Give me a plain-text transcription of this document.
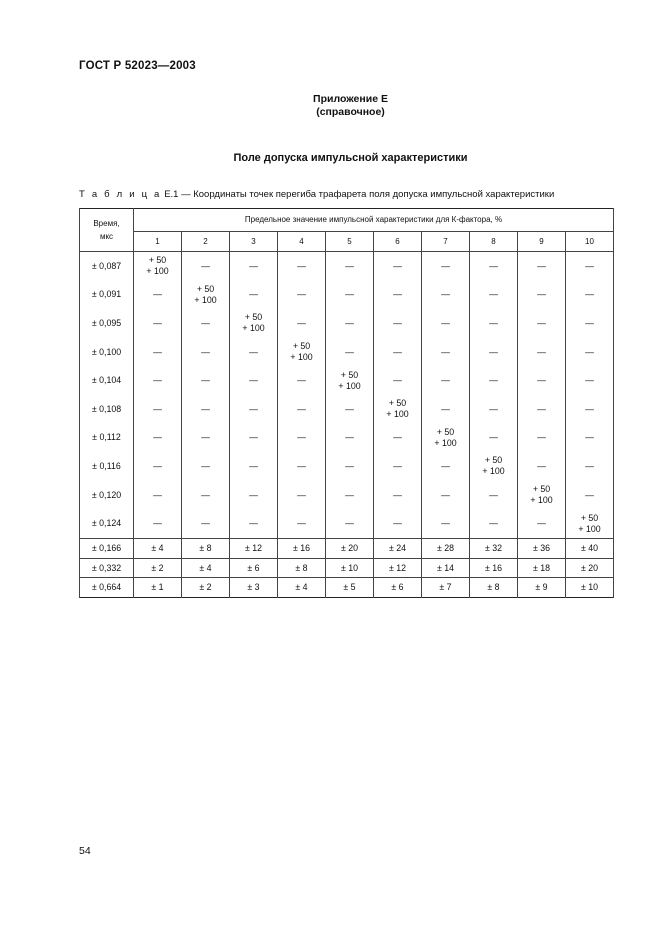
ГОСТ Р 52023—2003
Приложение Е
(справочное)
Поле допуска импульсной характеристики
Т а б л и ц а Е.1 — Координаты точек перегиба трафарета поля допуска импульсной характеристики
Время,
мкс	Предельное значение импульсной характеристики для К-фактора, %									
	1	2	3	4	5	6	7	8	9	10
± 0,087	+ 50
+ 100	—	—	—	—	—	—	—	—	—
± 0,091	—	+ 50
+ 100	—	—	—	—	—	—	—	—
± 0,095	—	—	+ 50
+ 100	—	—	—	—	—	—	—
± 0,100	—	—	—	+ 50
+ 100	—	—	—	—	—	—
± 0,104	—	—	—	—	+ 50
+ 100	—	—	—	—	—
± 0,108	—	—	—	—	—	+ 50
+ 100	—	—	—	—
± 0,112	—	—	—	—	—	—	+ 50
+ 100	—	—	—
± 0,116	—	—	—	—	—	—	—	+ 50
+ 100	—	—
± 0,120	—	—	—	—	—	—	—	—	+ 50
+ 100	—
± 0,124	—	—	—	—	—	—	—	—	—	+ 50
+ 100

± 0,166	± 4	± 8	± 12	± 16	± 20	± 24	± 28	± 32	± 36	± 40
± 0,332	± 2	± 4	± 6	± 8	± 10	± 12	± 14	± 16	± 18	± 20
± 0,664	± 1	± 2	± 3	± 4	± 5	± 6	± 7	± 8	± 9	± 10
54
